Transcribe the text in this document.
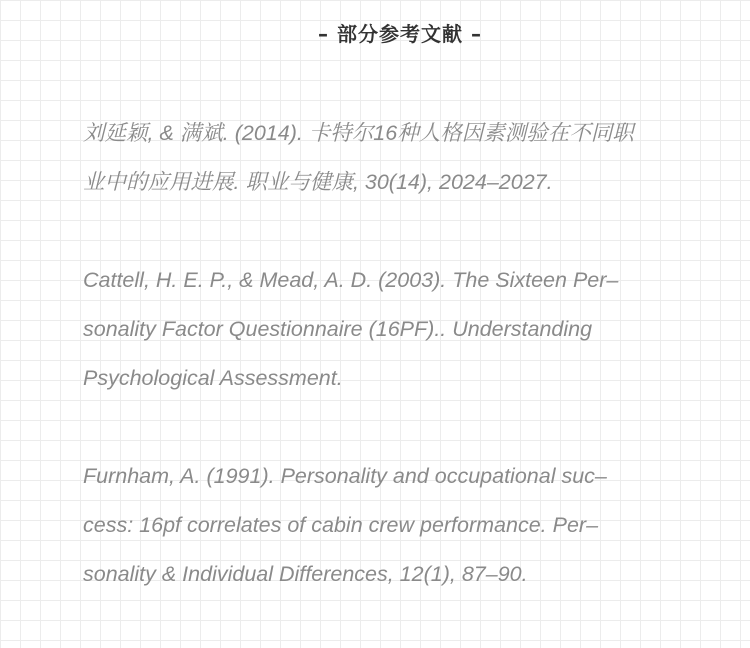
– 部分参考文献 –
刘延颖, & 满斌. (2014). 卡特尔16种人格因素测验在不同职
业中的应用进展. 职业与健康, 30(14), 2024–2027.
Cattell, H. E. P., & Mead, A. D. (2003). The Sixteen Per–
sonality Factor Questionnaire (16PF).. Understanding
Psychological Assessment.
Furnham, A. (1991). Personality and occupational suc–
cess: 16pf correlates of cabin crew performance. Per–
sonality & Individual Differences, 12(1), 87–90.
